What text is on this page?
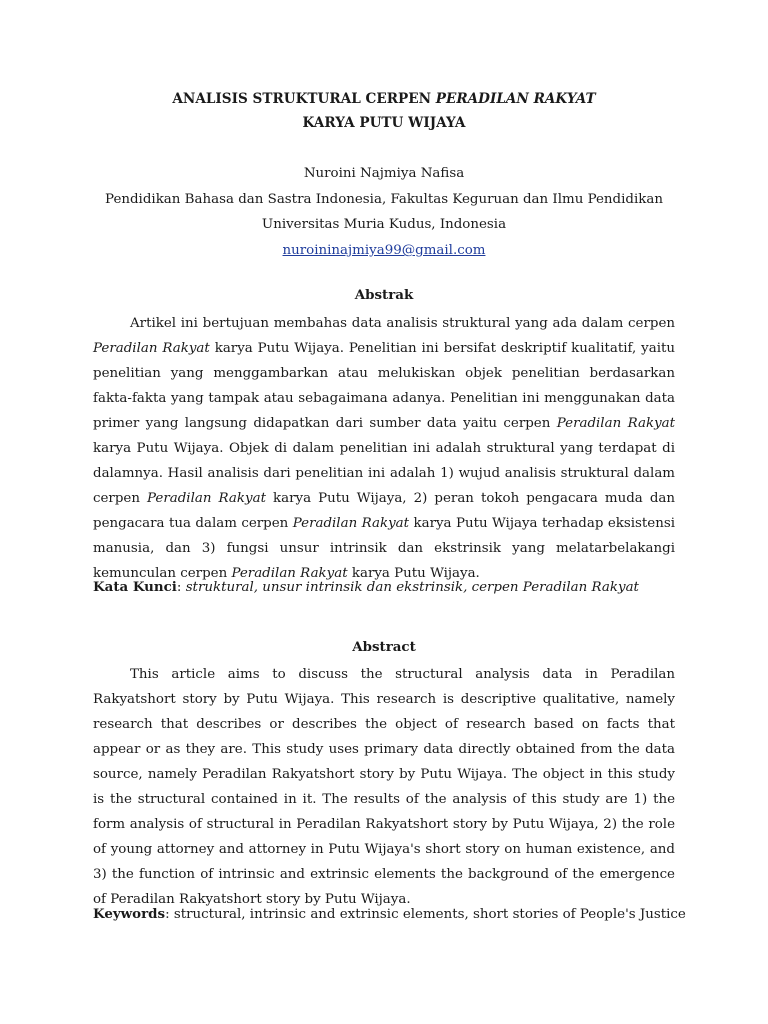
ANALISIS STRUKTURAL CERPEN PERADILAN RAKYAT
KARYA PUTU WIJAYA
Nuroini Najmiya Nafisa
Pendidikan Bahasa dan Sastra Indonesia, Fakultas Keguruan dan Ilmu Pendidikan
Universitas Muria Kudus, Indonesia
nuroininajmiya99@gmail.com
Abstrak

Artikel ini bertujuan membahas data analisis struktural yang ada dalam cerpen Peradilan Rakyat karya Putu Wijaya. Penelitian ini bersifat deskriptif kualitatif, yaitu penelitian yang menggambarkan atau melukiskan objek penelitian berdasarkan fakta-fakta yang tampak atau sebagaimana adanya. Penelitian ini menggunakan data primer yang langsung didapatkan dari sumber data yaitu cerpen Peradilan Rakyat karya Putu Wijaya. Objek di dalam penelitian ini adalah struktural yang terdapat di dalamnya. Hasil analisis dari penelitian ini adalah 1) wujud analisis struktural dalam cerpen Peradilan Rakyat karya Putu Wijaya, 2) peran tokoh pengacara muda dan pengacara tua dalam cerpen Peradilan Rakyat karya Putu Wijaya terhadap eksistensi manusia, dan 3) fungsi unsur intrinsik dan ekstrinsik yang melatarbelakangi kemunculan cerpen Peradilan Rakyat karya Putu Wijaya.

Kata Kunci: struktural, unsur intrinsik dan ekstrinsik, cerpen Peradilan Rakyat
Abstract

This article aims to discuss the structural analysis data in Peradilan Rakyatshort story by Putu Wijaya. This research is descriptive qualitative, namely research that describes or describes the object of research based on facts that appear or as they are. This study uses primary data directly obtained from the data source, namely Peradilan Rakyatshort story by Putu Wijaya. The object in this study is the structural contained in it. The results of the analysis of this study are 1) the form analysis of structural in Peradilan Rakyatshort story by Putu Wijaya, 2) the role of young attorney and attorney in Putu Wijaya's short story on human existence, and 3) the function of intrinsic and extrinsic elements the background of the emergence of Peradilan Rakyatshort story by Putu Wijaya.

Keywords: structural, intrinsic and extrinsic elements, short stories of People's Justice
